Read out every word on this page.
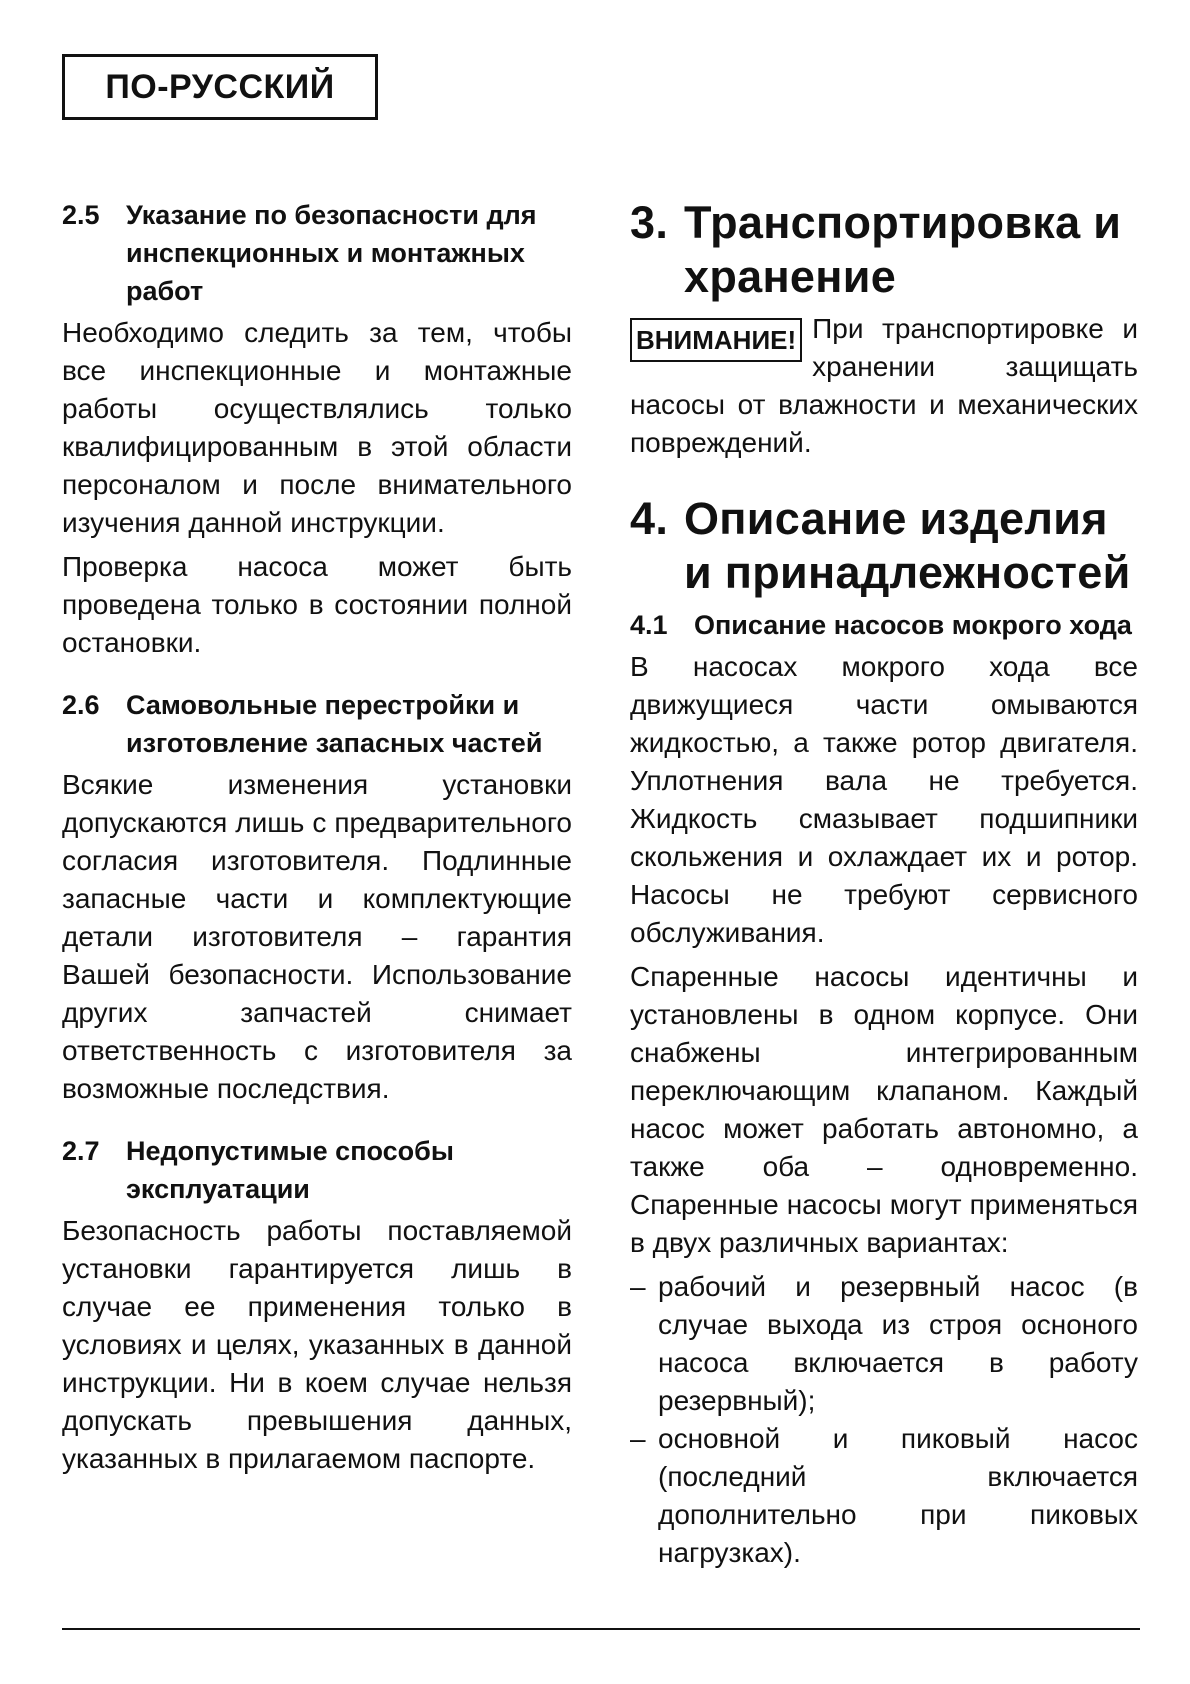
ПО-РУССКИЙ
2.5 Указание по безопасности для инспекционных и монтажных работ

Необходимо следить за тем, чтобы все инспекционные и монтажные работы осуществлялись только квалифицированным в этой области персоналом и после внимательного изучения данной инструкции.

Проверка насоса может быть проведена только в состоянии полной остановки.

2.6 Самовольные перестройки и изготовление запасных частей

Всякие изменения установки допускаются лишь с предварительного согласия изготовителя. Подлинные запасные части и комплектующие детали изготовителя – гарантия Вашей безопасности. Использование других запчастей снимает ответственность с изготовителя за возможные последствия.

2.7 Недопустимые способы эксплуатации

Безопасность работы поставляемой установки гарантируется лишь в случае ее применения только в условиях и целях, указанных в данной инструкции. Ни в коем случае нельзя допускать превышения данных, указанных в прилагаемом паспорте.

3. Транспортировка и хранение
ВНИМАНИЕ! При транспортировке и хранении защищать насосы от влажности и механических повреждений.

4. Описание изделия и принадлежностей
4.1 Описание насосов мокрого хода

В насосах мокрого хода все движущиеся части омываются жидкостью, а также ротор двигателя. Уплотнения вала не требуется. Жидкость смазывает подшипники скольжения и охлаждает их и ротор. Насосы не требуют сервисного обслуживания.

Спаренные насосы идентичны и установлены в одном корпусе. Они снабжены интегрированным переключающим клапаном. Каждый насос может работать автономно, а также оба – одновременно. Спаренные насосы могут применяться в двух различных вариантах:

– рабочий и резервный насос (в случае выхода из строя осноного насоса включается в работу резервный);
– основной и пиковый насос (последний включается дополнительно при пиковых нагрузках).
